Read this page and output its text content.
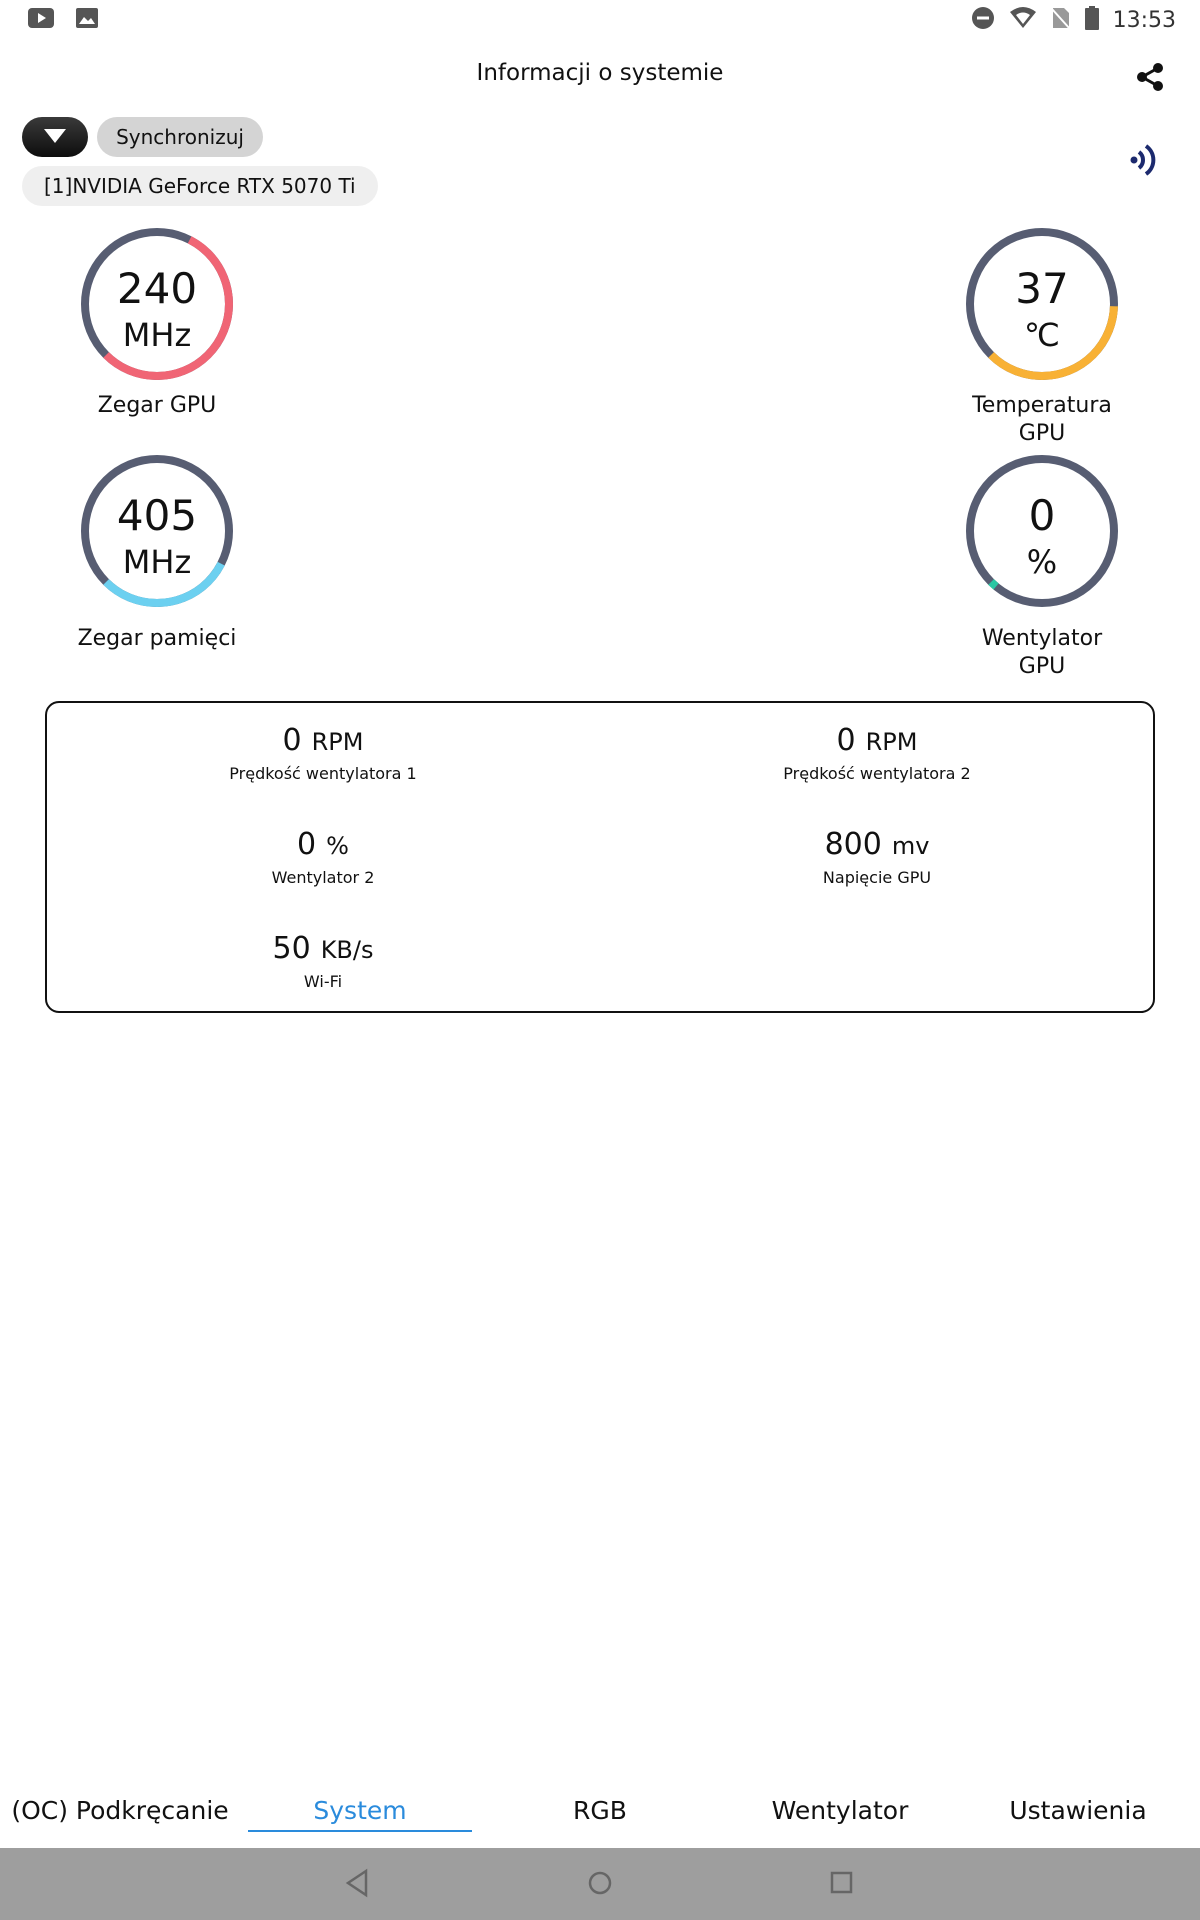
13:53
Informacji o systemie
Synchronizuj
[1]NVIDIA GeForce RTX 5070 Ti
240
MHz
Zegar GPU
405
MHz
Zegar pamięci
37
℃
Temperatura
GPU
0
%
Wentylator
GPU
0 RPM
Prędkość wentylatora 1
0 RPM
Prędkość wentylatora 2
0 %
Wentylator 2
800 mv
Napięcie GPU
50 KB/s
Wi-Fi
(OC) Podkręcanie	System	RGB	Wentylator	Ustawienia
